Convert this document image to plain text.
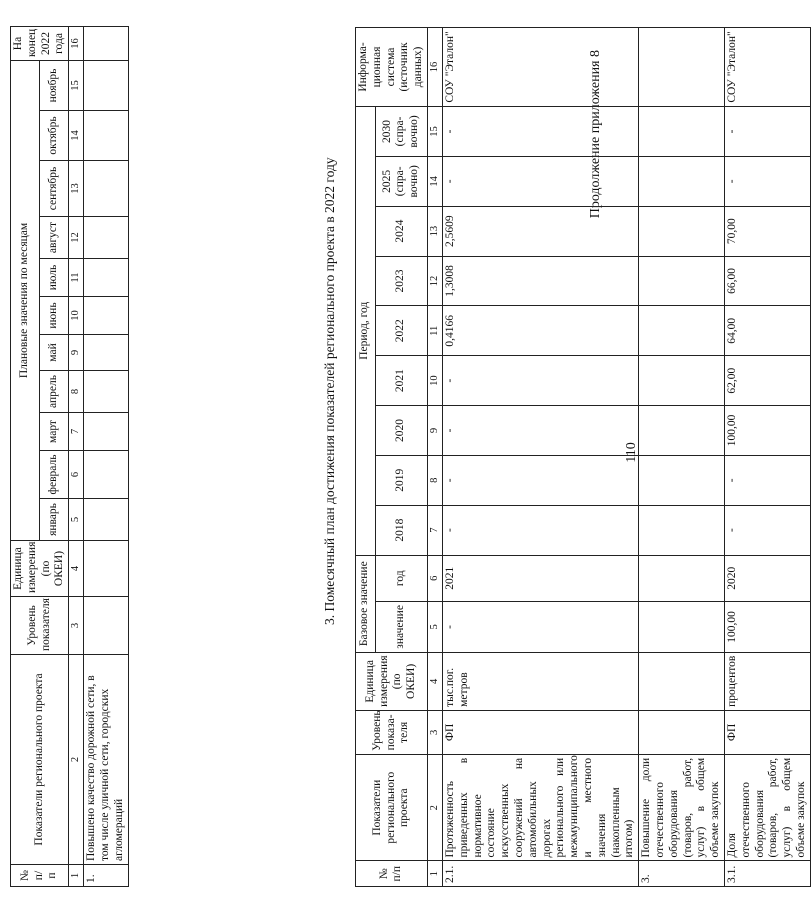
110
Продолжение приложения 8
№ п/п	Показатели регионального проекта	Уровень показа-теля	Единица измерения (по ОКЕИ)	Базовое значение		Период, год									Информа-ционная система (источник данных)
				значение	год	2018	2019	2020	2021	2022	2023	2024	2025 (спра-вочно)	2030 (спра-вочно)	
1	2	3	4	5	6	7	8	9	10	11	12	13	14	15	16
2.1.	Протяженность приведенных в нормативное состояние искусственных сооружений на автомобильных дорогах регионального или межмуниципального и местного значения (накопленным итогом)	ФП	тыс.пог. метров	-	2021	-	-	-	-	0,4166	1,3008	2,5609	-	-	СОУ "Эталон"
3.	Повышение доли отечественного оборудования (товаров, работ, услуг) в общем объеме закупок														
3.1.	Доля отечественного оборудования (товаров, работ, услуг) в общем объеме закупок	ФП	процентов	100,00	2020	-	-	100,00	62,00	64,00	66,00	70,00	-	-	СОУ "Эталон"
3. Помесячный план достижения показателей регионального проекта в 2022 году
№ п/п	Показатели регионального проекта	Уровень показателя	Единица измерения (по ОКЕИ)	Плановые значения по месяцам											На конец 2022 года
				январь	февраль	март	апрель	май	июнь	июль	август	сентябрь	октябрь	ноябрь	
1	2	3	4	5	6	7	8	9	10	11	12	13	14	15	16
1.	Повышено качество дорожной сети, в том числе уличной сети, городских агломераций														
